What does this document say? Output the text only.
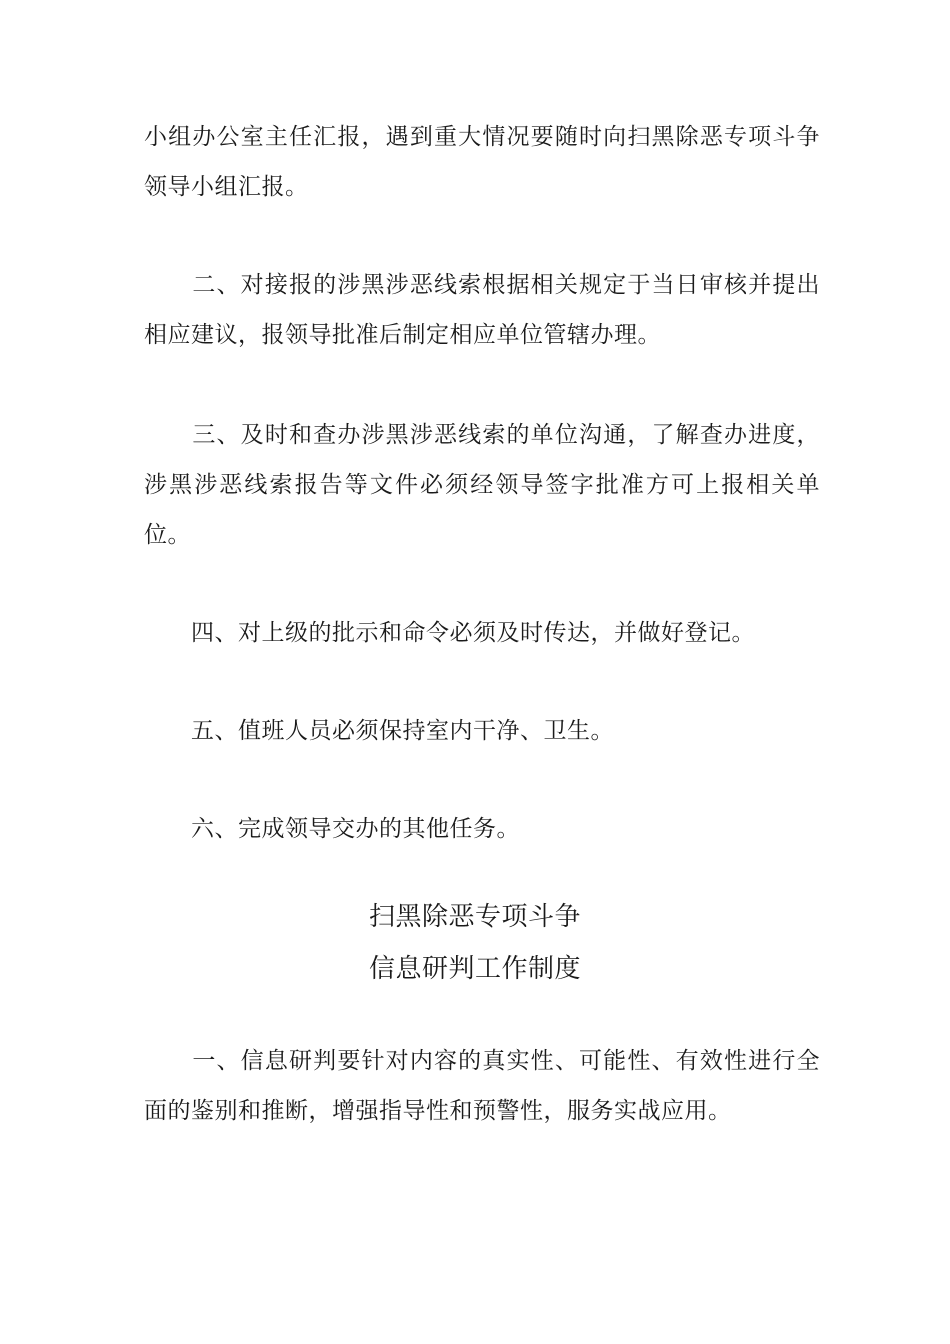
小组办公室主任汇报，遇到重大情况要随时向扫黑除恶专项斗争领导小组汇报。

　　二、对接报的涉黑涉恶线索根据相关规定于当日审核并提出相应建议，报领导批准后制定相应单位管辖办理。

　　三、及时和查办涉黑涉恶线索的单位沟通，了解查办进度，涉黑涉恶线索报告等文件必须经领导签字批准方可上报相关单位。

　　四、对上级的批示和命令必须及时传达，并做好登记。

　　五、值班人员必须保持室内干净、卫生。

　　六、完成领导交办的其他任务。

扫黑除恶专项斗争

信息研判工作制度

　　一、信息研判要针对内容的真实性、可能性、有效性进行全面的鉴别和推断，增强指导性和预警性，服务实战应用。
